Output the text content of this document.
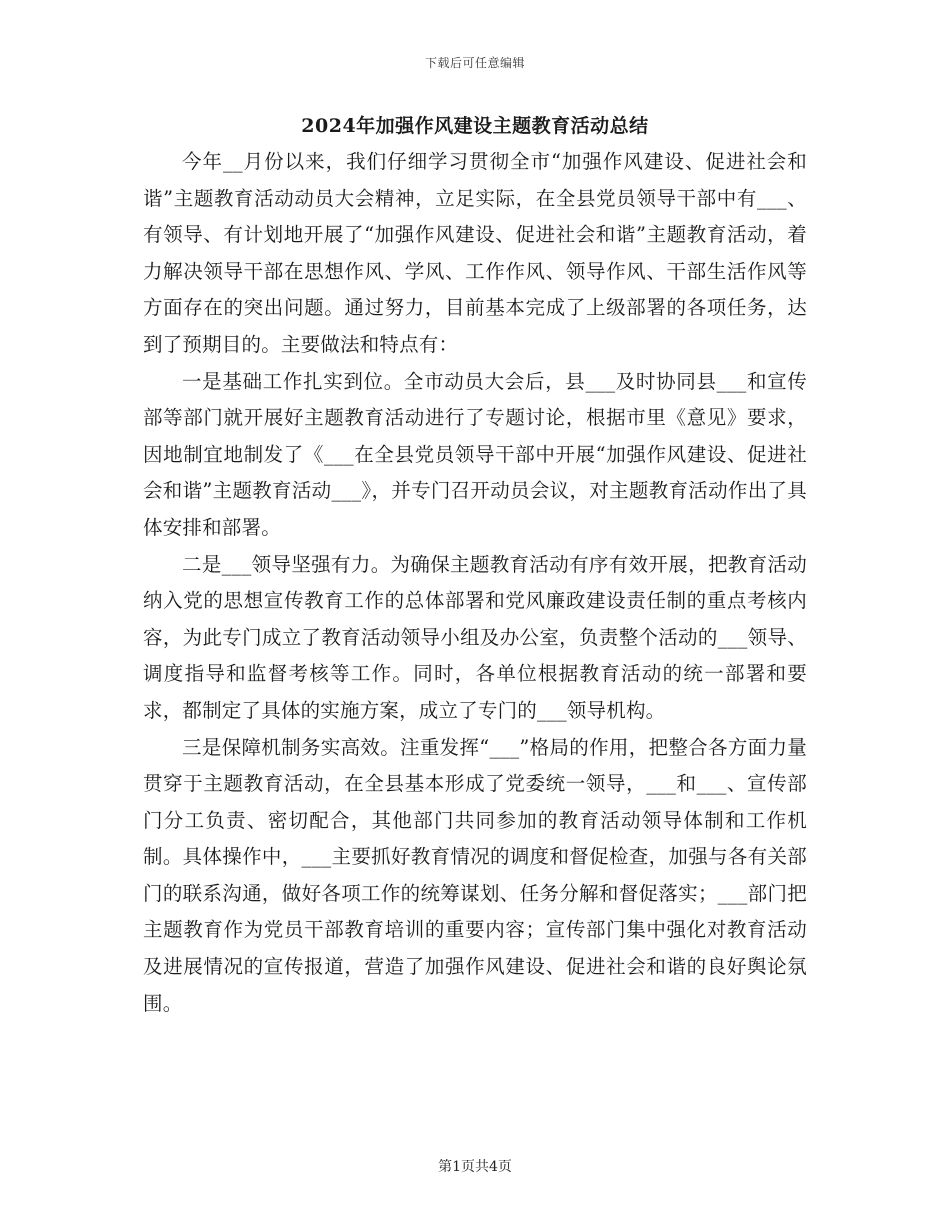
下载后可任意编辑
2024年加强作风建设主题教育活动总结

今年__月份以来，我们仔细学习贯彻全市“加强作风建设、促进社会和谐”主题教育活动动员大会精神，立足实际，在全县党员领导干部中有___、有领导、有计划地开展了“加强作风建设、促进社会和谐”主题教育活动，着力解决领导干部在思想作风、学风、工作作风、领导作风、干部生活作风等方面存在的突出问题。通过努力，目前基本完成了上级部署的各项任务，达到了预期目的。主要做法和特点有：

一是基础工作扎实到位。全市动员大会后，县___及时协同县___和宣传部等部门就开展好主题教育活动进行了专题讨论，根据市里《意见》要求，因地制宜地制发了《___在全县党员领导干部中开展“加强作风建设、促进社会和谐”主题教育活动___》，并专门召开动员会议，对主题教育活动作出了具体安排和部署。

二是___领导坚强有力。为确保主题教育活动有序有效开展，把教育活动纳入党的思想宣传教育工作的总体部署和党风廉政建设责任制的重点考核内容，为此专门成立了教育活动领导小组及办公室，负责整个活动的___领导、调度指导和监督考核等工作。同时，各单位根据教育活动的统一部署和要求，都制定了具体的实施方案，成立了专门的___领导机构。

三是保障机制务实高效。注重发挥“___”格局的作用，把整合各方面力量贯穿于主题教育活动，在全县基本形成了党委统一领导，___和___、宣传部门分工负责、密切配合，其他部门共同参加的教育活动领导体制和工作机制。具体操作中，___主要抓好教育情况的调度和督促检查，加强与各有关部门的联系沟通，做好各项工作的统筹谋划、任务分解和督促落实；___部门把主题教育作为党员干部教育培训的重要内容；宣传部门集中强化对教育活动及进展情况的宣传报道，营造了加强作风建设、促进社会和谐的良好舆论氛围。

第1页共4页
